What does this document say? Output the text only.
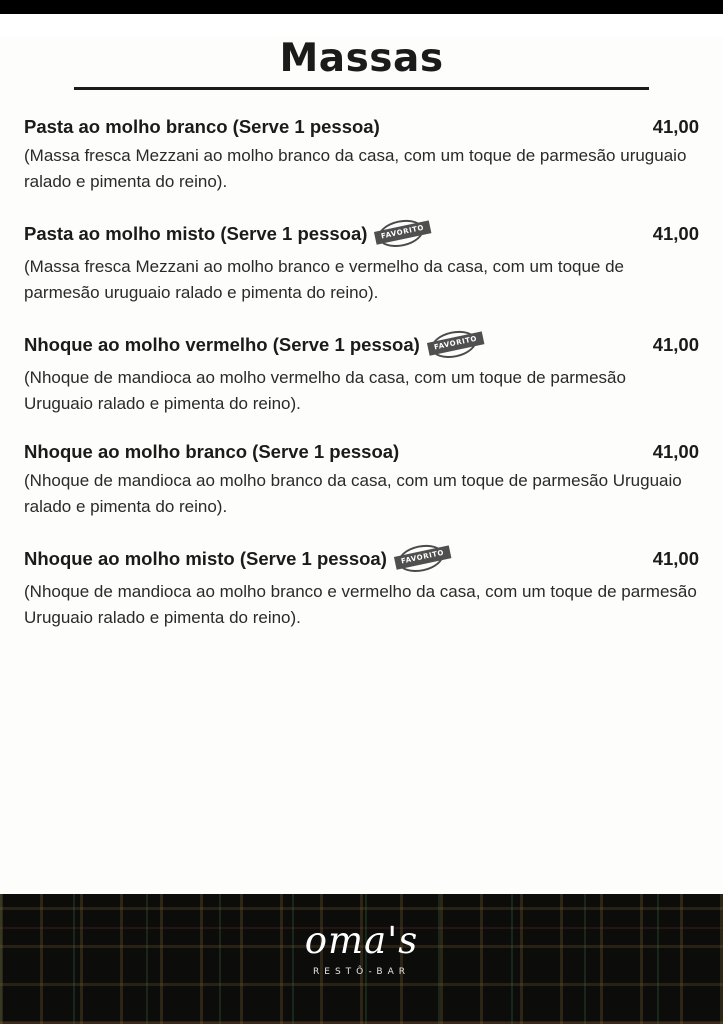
Massas
Pasta ao molho branco (Serve 1 pessoa)	41,00
(Massa fresca Mezzani ao molho branco da casa, com um toque de parmesão uruguaio ralado e pimenta do reino).
Pasta ao molho misto (Serve 1 pessoa)	FAVORITO	41,00
(Massa fresca Mezzani ao molho branco e vermelho da casa, com um toque de parmesão uruguaio ralado e pimenta do reino).
Nhoque ao molho vermelho (Serve 1 pessoa)	FAVORITO	41,00
(Nhoque de mandioca ao molho vermelho da casa, com um toque de parmesão Uruguaio ralado e pimenta do reino).
Nhoque ao molho branco (Serve 1 pessoa)	41,00
(Nhoque de mandioca ao molho branco da casa, com um toque de parmesão Uruguaio ralado e pimenta do reino).
Nhoque ao molho misto (Serve 1 pessoa)	FAVORITO	41,00
(Nhoque de mandioca ao molho branco e vermelho da casa, com um toque de parmesão Uruguaio ralado e pimenta do reino).
oma's
RESTÔ-BAR
